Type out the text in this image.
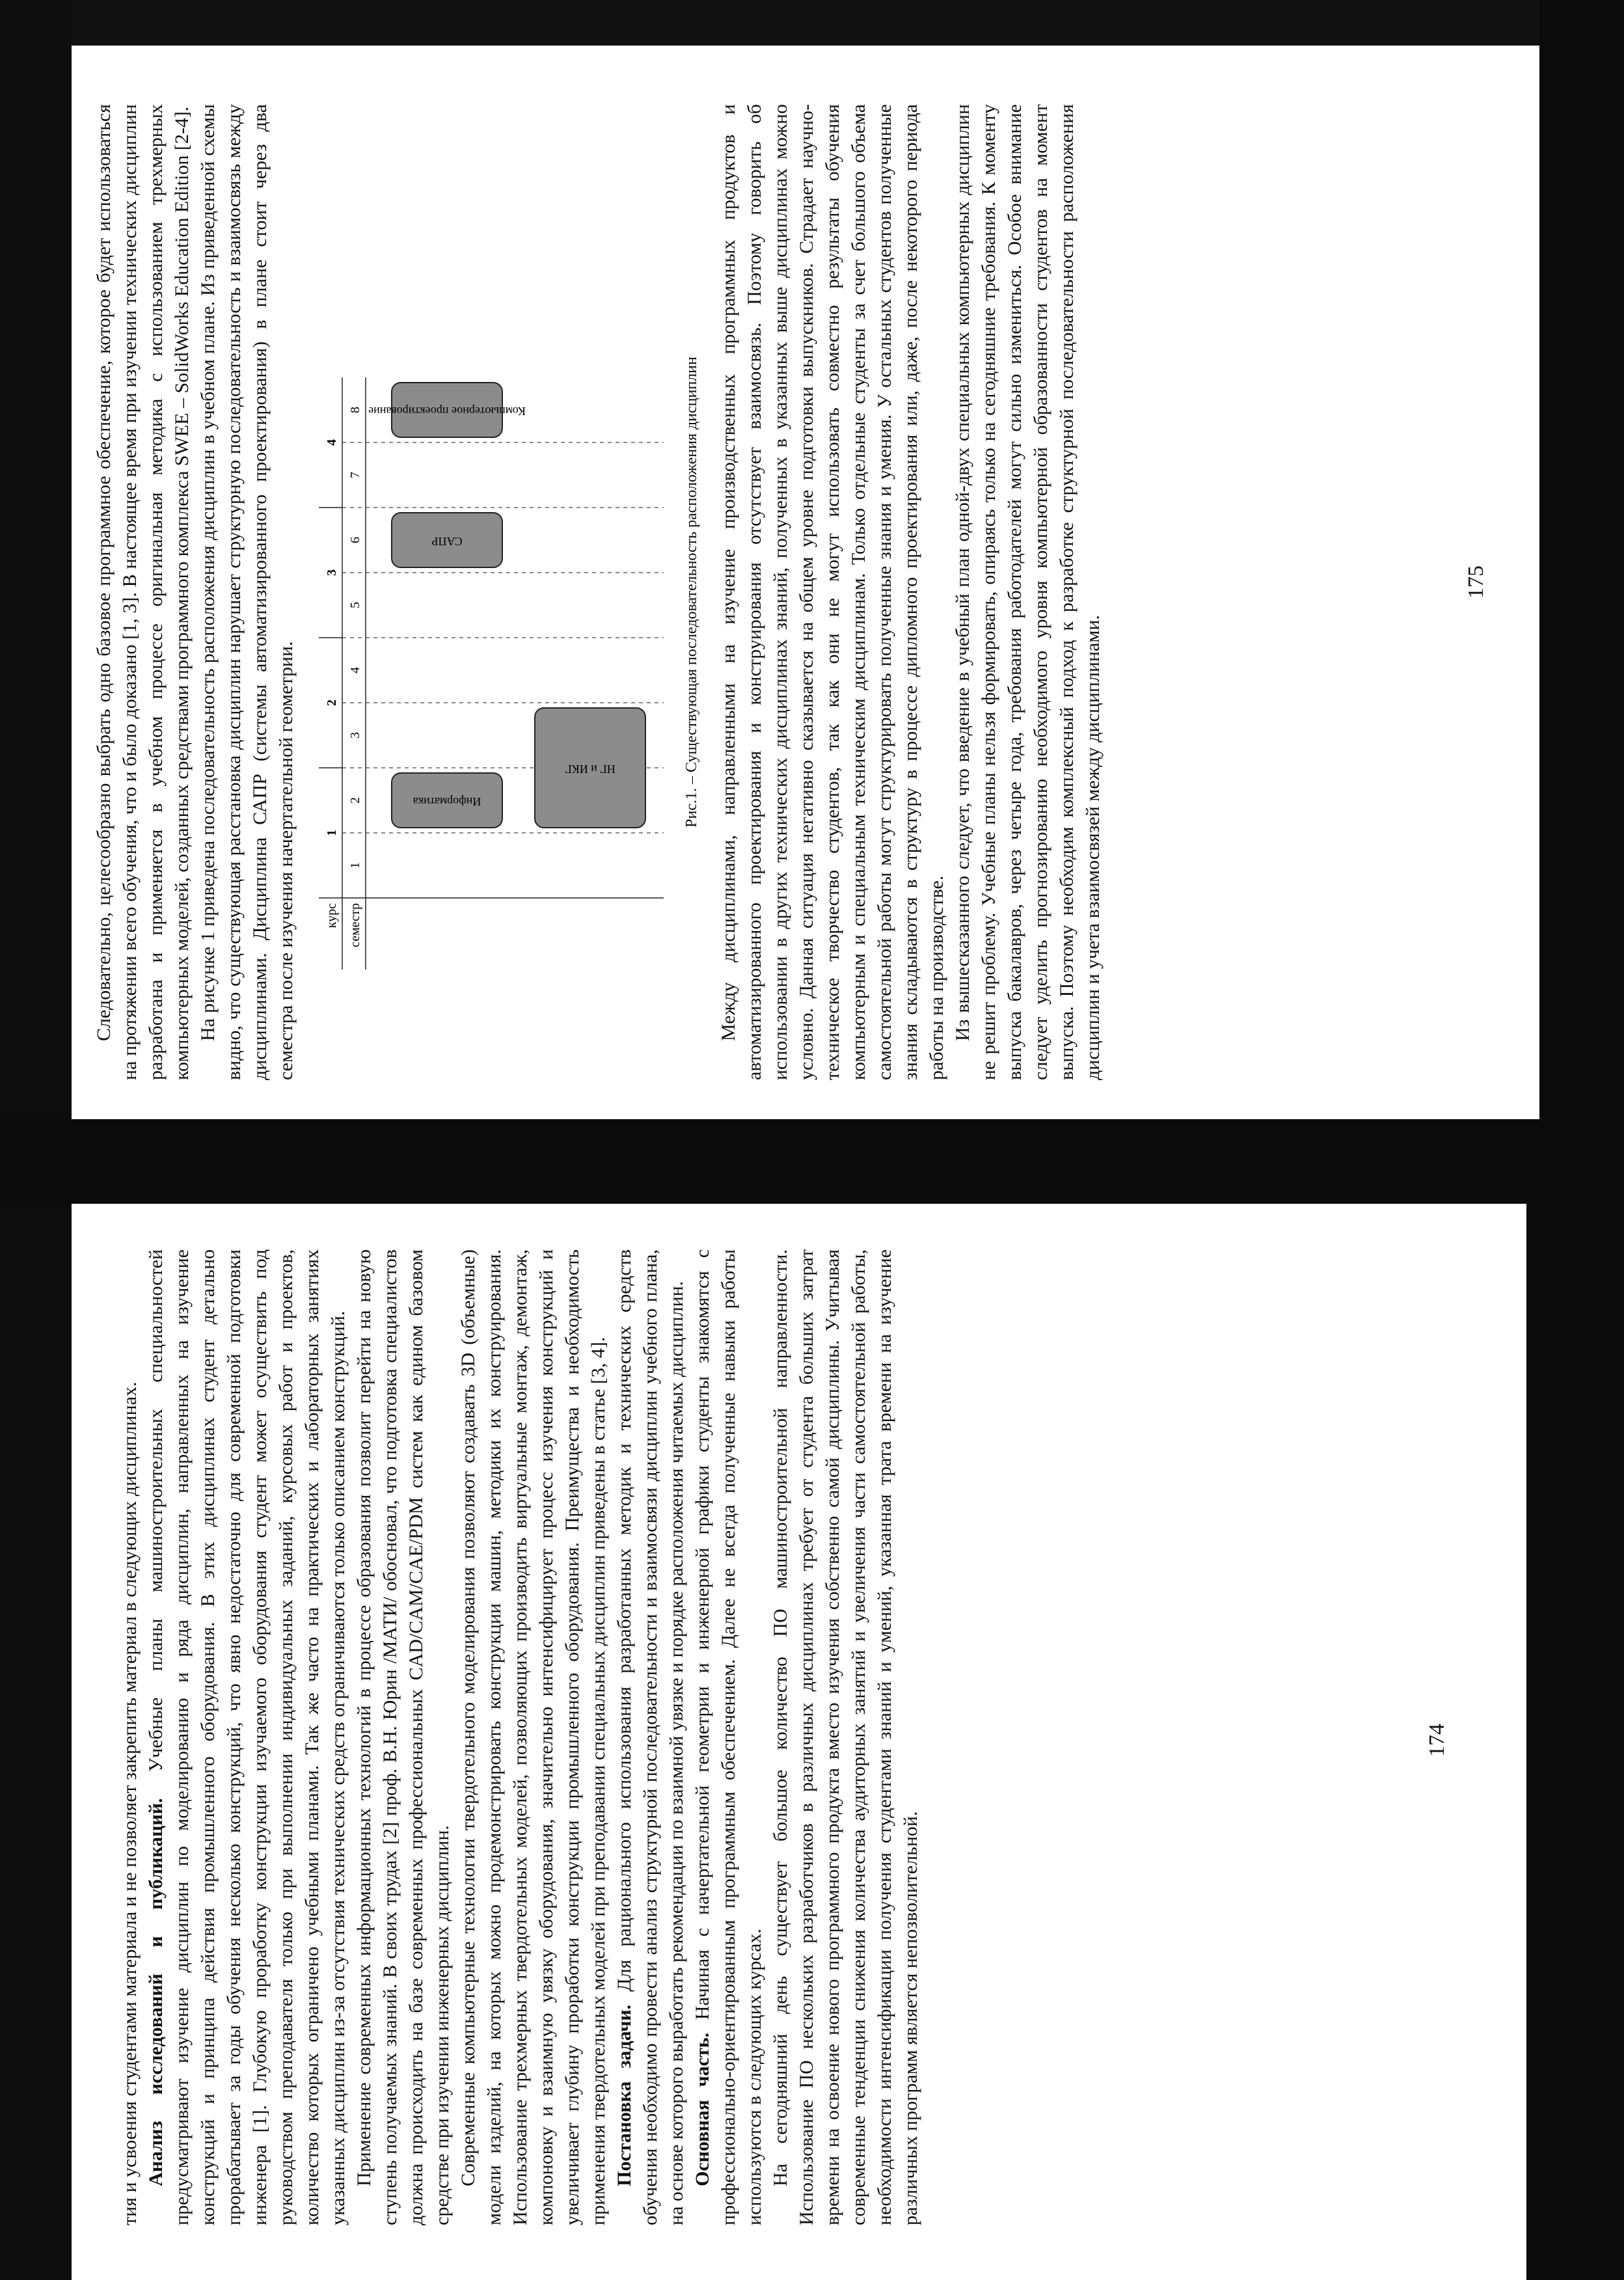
тия и усвоения студентами материала и не позволяет закрепить материал в следующих дисциплинах. Анализ исследований и публикаций. Учебные планы машиностроительных специальностей предусматривают изучение дисциплин по моделированию и ряда дисциплин, направленных на изучение конструкций и принципа действия промышленного оборудования. В этих дисциплинах студент детально прорабатывает за годы обучения несколько конструкций, что явно недостаточно для современной подготовки инженера [1]. Глубокую проработку конструкции изучаемого оборудования студент может осуществить под руководством преподавателя только при выполнении индивидуальных заданий, курсовых работ и проектов, количество которых ограничено учебными планами. Так же часто на практических и лабораторных занятиях указанных дисциплин из-за отсутствия технических средств ограничиваются только описанием конструкций. Применение современных информационных технологий в процессе образования позволит перейти на новую ступень получаемых знаний. В своих трудах [2] проф. В.Н. Юрин /МАТИ/ обосновал, что подготовка специалистов должна происходить на базе современных профессиональных CAD/CAM/CAE/PDM систем как едином базовом средстве при изучении инженерных дисциплин. Современные компьютерные технологии твердотельного моделирования позволяют создавать 3D (объемные) модели изделий, на которых можно продемонстрировать конструкции машин, методики их конструирования. Использование трехмерных твердотельных моделей, позволяющих производить виртуальные монтаж, демонтаж, компоновку и взаимную увязку оборудования, значительно интенсифицирует процесс изучения конструкций и увеличивает глубину проработки конструкции промышленного оборудования. Преимущества и необходимость применения твердотельных моделей при преподавании специальных дисциплин приведены в статье [3, 4]. Постановка задачи. Для рационального использования разработанных методик и технических средств обучения необходимо провести анализ структурной последовательности и взаимосвязи дисциплин учебного плана, на основе которого выработать рекомендации по взаимной увязке и порядке расположения читаемых дисциплин. Основная часть. Начиная с начертательной геометрии и инженерной графики студенты знакомятся с профессионально-ориентированным программным обеспечением. Далее не всегда полученные навыки работы используются в следующих курсах. На сегодняшний день существует большое количество ПО машиностроительной направленности. Использование ПО нескольких разработчиков в различных дисциплинах требует от студента больших затрат времени на освоение нового программного продукта вместо изучения собственно самой дисциплины. Учитывая современные тенденции снижения количества аудиторных занятий и увеличения части самостоятельной работы, необходимости интенсификации получения студентами знаний и умений, указанная трата времени на изучение различных программ является непозволительной.

174

Следовательно, целесообразно выбрать одно базовое программное обеспечение, которое будет использоваться на протяжении всего обучения, что и было доказано [1, 3]. В настоящее время при изучении технических дисциплин разработана и применяется в учебном процессе оригинальная методика с использованием трехмерных компьютерных моделей, созданных средствами программного комплекса SWEE – SolidWorks Education Edition [2-4]. На рисунке 1 приведена последовательность расположения дисциплин в учебном плане. Из приведенной схемы видно, что существующая расстановка дисциплин нарушает структурную последовательность и взаимосвязь между дисциплинами. Дисциплина САПР (системы автоматизированного проектирования) в плане стоит через два семестра после изучения начертательной геометрии. курс семестр
1
2
3
4
1
2
3
4
5
6
7
8
Информатика
НГ и ИКГ
САПР
Компьютерное проектирование	Рис.1. – Существующая последовательность расположения дисциплин Между дисциплинами, направленными на изучение производственных программных продуктов и автоматизированного проектирования и конструирования отсутствует взаимосвязь. Поэтому говорить об использовании в других технических дисциплинах знаний, полученных в указанных выше дисциплинах можно условно. Данная ситуация негативно сказывается на общем уровне подготовки выпускников. Страдает научно-техническое творчество студентов, так как они не могут использовать совместно результаты обучения компьютерным и специальным техническим дисциплинам. Только отдельные студенты за счет большого объема самостоятельной работы могут структурировать полученные знания и умения. У остальных студентов полученные знания складываются в структуру в процессе дипломного проектирования или, даже, после некоторого периода работы на производстве. Из вышесказанного следует, что введение в учебный план одной-двух специальных компьютерных дисциплин не решит проблему. Учебные планы нельзя формировать, опираясь только на сегодняшние требования. К моменту выпуска бакалавров, через четыре года, требования работодателей могут сильно измениться. Особое внимание следует уделить прогнозированию необходимого уровня компьютерной образованности студентов на момент выпуска. Поэтому необходим комплексный подход к разработке структурной последовательности расположения дисциплин и учета взаимосвязей между дисциплинами.

175
